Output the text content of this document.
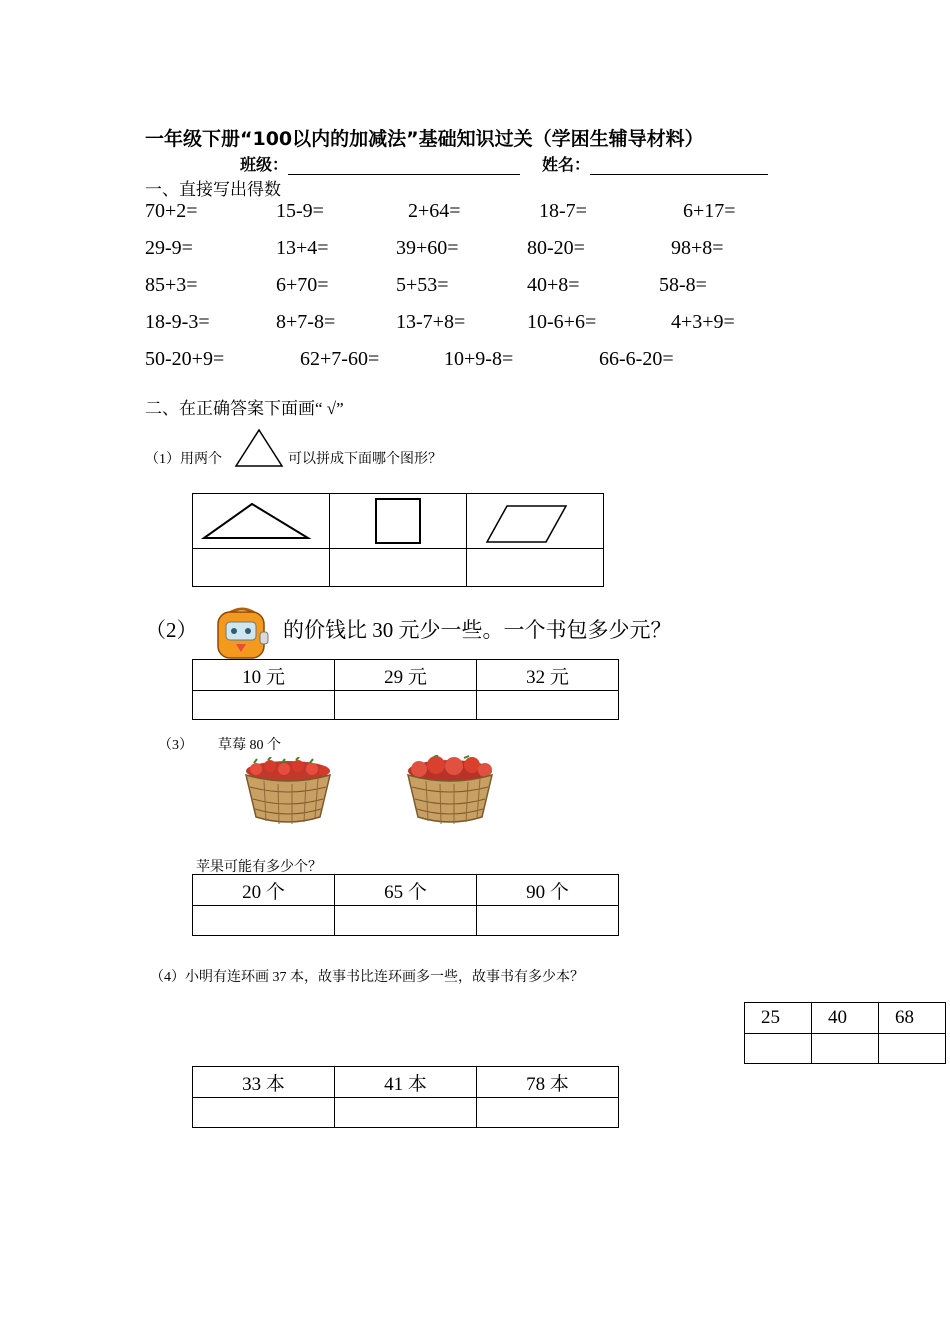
一年级下册“100以内的加减法”基础知识过关（学困生辅导材料）
班级：	姓名：
一、直接写出得数
70+2=	15-9=	2+64=	18-7=	6+17=
29-9=	13+4=	39+60=	80-20=	98+8=
85+3=	6+70=	5+53=	40+8=	58-8=
18-9-3=	8+7-8=	13-7+8=	10-6+6=	4+3+9=
50-20+9=	62+7-60=	10+9-8=	66-6-20=
二、在正确答案下面画“ √”
（1）用两个	可以拼成下面哪个图形？

（2）	的价钱比 30 元少一些。一个书包多少元？
10 元	29 元	32 元

（3） 草莓 80 个
苹果可能有多少个？
20 个	65 个	90 个

（4）小明有连环画 37 本，故事书比连环画多一些，故事书有多少本？
25	40	68

33 本	41 本	78 本
